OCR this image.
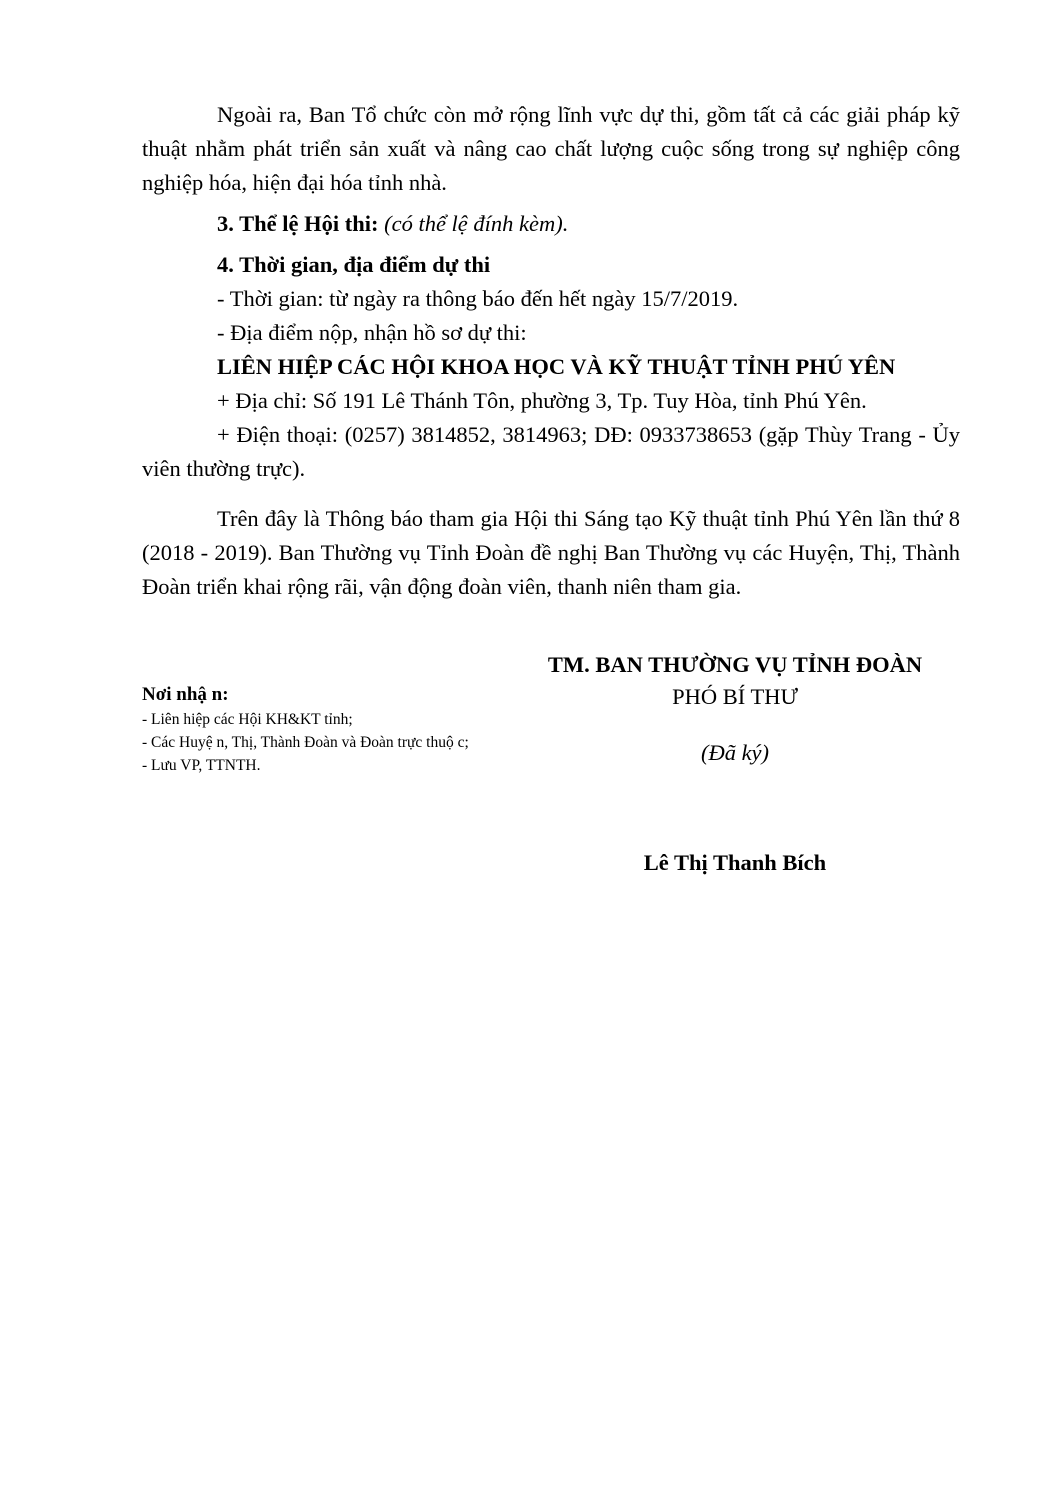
Ngoài ra, Ban Tổ chức còn mở rộng lĩnh vực dự thi, gồm tất cả các giải pháp kỹ thuật nhằm phát triển sản xuất và nâng cao chất lượng cuộc sống trong sự nghiệp công nghiệp hóa, hiện đại hóa tỉnh nhà.

3. Thể lệ Hội thi: (có thể lệ đính kèm).

4. Thời gian, địa điểm dự thi

- Thời gian: từ ngày ra thông báo đến hết ngày 15/7/2019.

- Địa điểm nộp, nhận hồ sơ dự thi:

LIÊN HIỆP CÁC HỘI KHOA HỌC VÀ KỸ THUẬT TỈNH PHÚ YÊN

+ Địa chỉ: Số 191 Lê Thánh Tôn, phường 3, Tp. Tuy Hòa, tỉnh Phú Yên.

+ Điện thoại: (0257) 3814852, 3814963; DĐ: 0933738653 (gặp Thùy Trang - Ủy viên thường trực).

Trên đây là Thông báo tham gia Hội thi Sáng tạo Kỹ thuật tỉnh Phú Yên lần thứ 8 (2018 - 2019). Ban Thường vụ Tỉnh Đoàn đề nghị Ban Thường vụ các Huyện, Thị, Thành Đoàn triển khai rộng rãi, vận động đoàn viên, thanh niên tham gia.

Nơi nhậ n:
- Liên hiệp các Hội KH&KT tỉnh;
- Các Huyệ n, Thị, Thành Đoàn và Đoàn trực thuộ c;
- Lưu VP, TTNTH.
TM. BAN THƯỜNG VỤ TỈNH ĐOÀN
PHÓ BÍ THƯ
(Đã ký)
Lê Thị Thanh Bích
